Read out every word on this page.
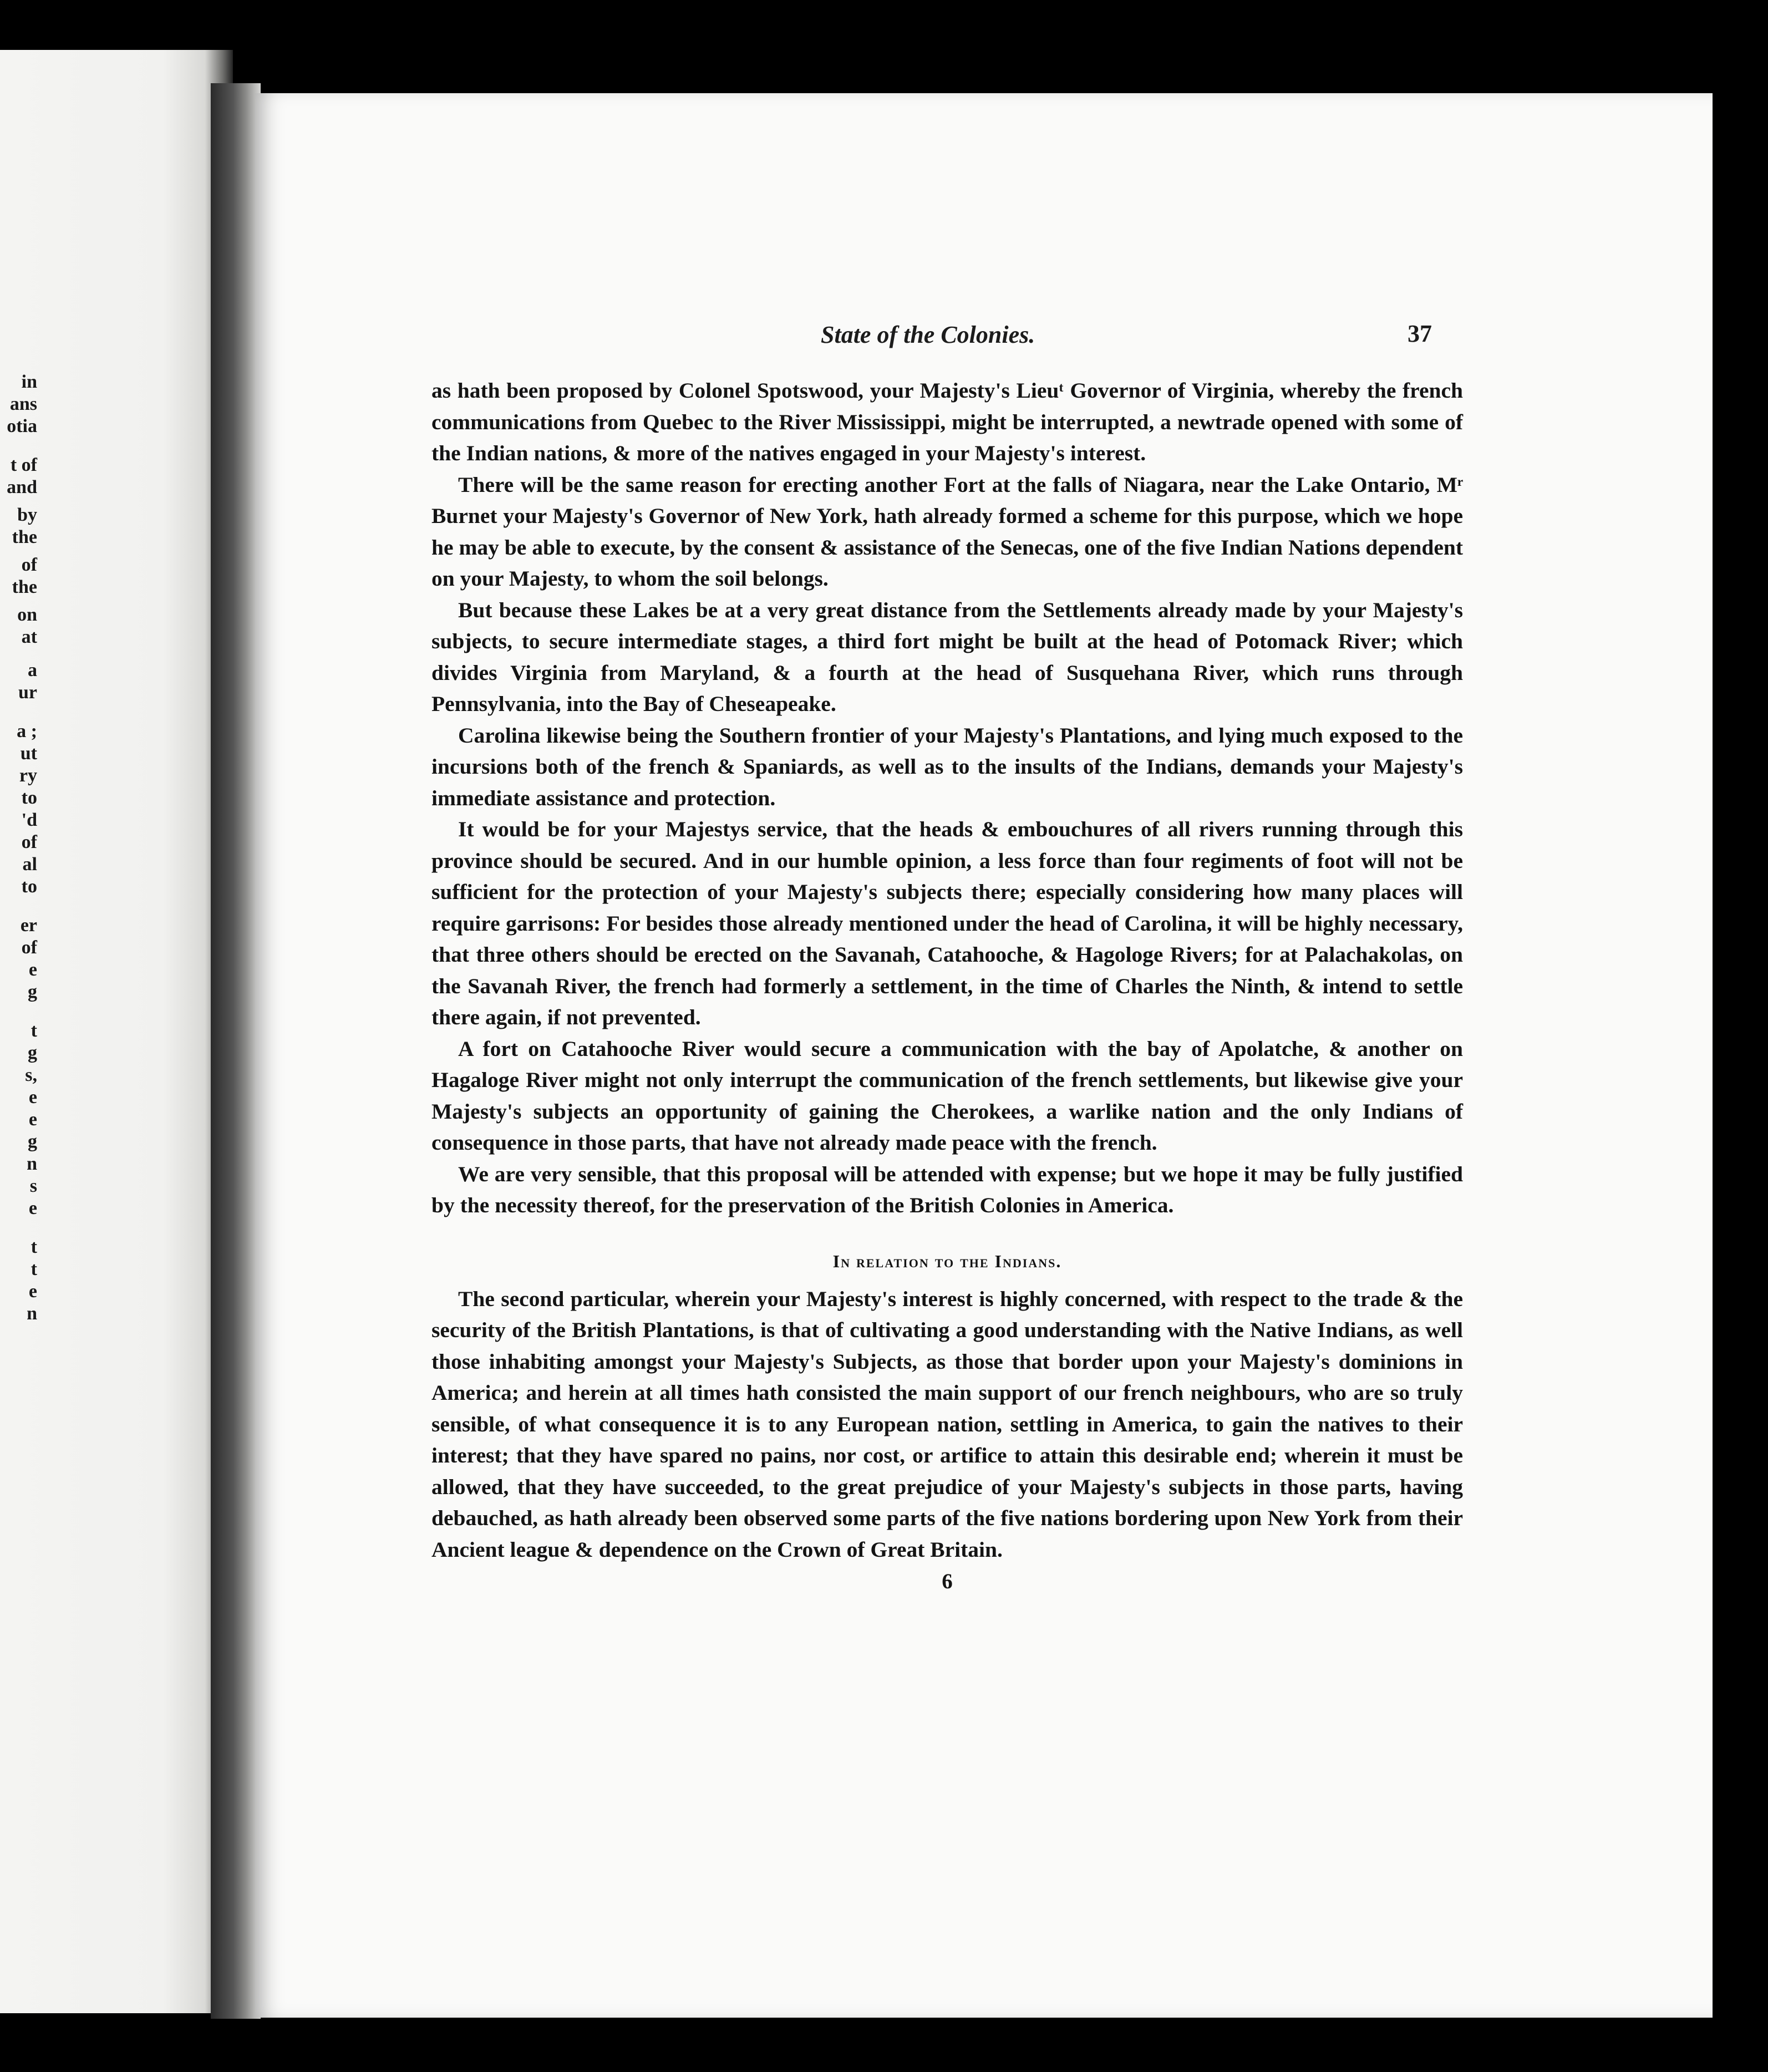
in
ans
otia
t of
and
by
the
of
the
on
at
a
ur
a ;
ut
ry
to
'd
of
al
to
er
of
e
g
t
g
s,
e
e
g
n
s
e
t
t
e
n
State of the Colonies.	37

as hath been proposed by Colonel Spotswood, your Majesty's Lieuᵗ Governor of Virginia, whereby the french communications from Quebec to the River Mississippi, might be interrupted, a newtrade opened with some of the Indian nations, & more of the natives engaged in your Majesty's interest.

There will be the same reason for erecting another Fort at the falls of Niagara, near the Lake Ontario, Mʳ Burnet your Majesty's Governor of New York, hath already formed a scheme for this purpose, which we hope he may be able to execute, by the consent & assistance of the Senecas, one of the five Indian Nations dependent on your Majesty, to whom the soil belongs.

But because these Lakes be at a very great distance from the Settlements already made by your Majesty's subjects, to secure intermediate stages, a third fort might be built at the head of Potomack River; which divides Virginia from Maryland, & a fourth at the head of Susquehana River, which runs through Pennsylvania, into the Bay of Cheseapeake.

Carolina likewise being the Southern frontier of your Majesty's Plantations, and lying much exposed to the incursions both of the french & Spaniards, as well as to the insults of the Indians, demands your Majesty's immediate assistance and protection.

It would be for your Majestys service, that the heads & embouchures of all rivers running through this province should be secured. And in our humble opinion, a less force than four regiments of foot will not be sufficient for the protection of your Majesty's subjects there; especially considering how many places will require garrisons: For besides those already mentioned under the head of Carolina, it will be highly necessary, that three others should be erected on the Savanah, Catahooche, & Hagologe Rivers; for at Palachakolas, on the Savanah River, the french had formerly a settlement, in the time of Charles the Ninth, & intend to settle there again, if not prevented.

A fort on Catahooche River would secure a communication with the bay of Apolatche, & another on Hagaloge River might not only interrupt the communication of the french settlements, but likewise give your Majesty's subjects an opportunity of gaining the Cherokees, a warlike nation and the only Indians of consequence in those parts, that have not already made peace with the french.

We are very sensible, that this proposal will be attended with expense; but we hope it may be fully justified by the necessity thereof, for the preservation of the British Colonies in America.

In relation to the Indians.

The second particular, wherein your Majesty's interest is highly concerned, with respect to the trade & the security of the British Plantations, is that of cultivating a good understanding with the Native Indians, as well those inhabiting amongst your Majesty's Subjects, as those that border upon your Majesty's dominions in America; and herein at all times hath consisted the main support of our french neighbours, who are so truly sensible, of what consequence it is to any European nation, settling in America, to gain the natives to their interest; that they have spared no pains, nor cost, or artifice to attain this desirable end; wherein it must be allowed, that they have succeeded, to the great prejudice of your Majesty's subjects in those parts, having debauched, as hath already been observed some parts of the five nations bordering upon New York from their Ancient league & dependence on the Crown of Great Britain.

6
